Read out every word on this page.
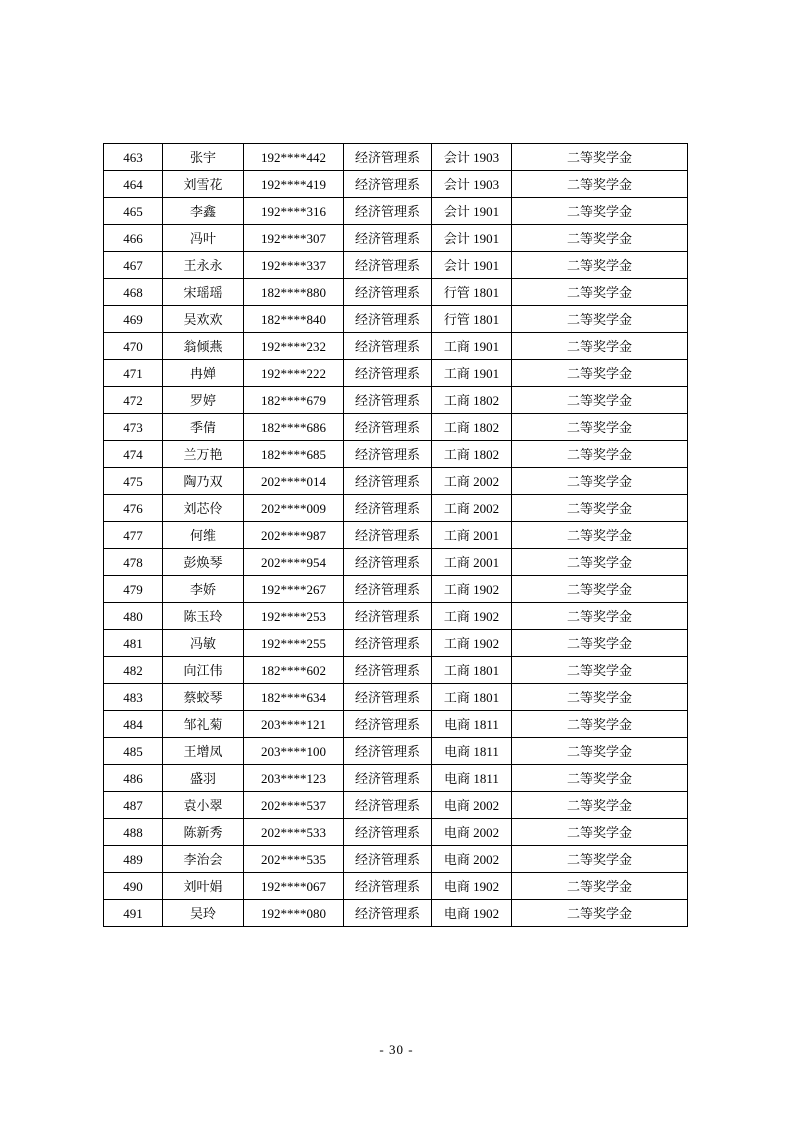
463	张宇	192****442	经济管理系	会计 1903	二等奖学金
464	刘雪花	192****419	经济管理系	会计 1903	二等奖学金
465	李鑫	192****316	经济管理系	会计 1901	二等奖学金
466	冯叶	192****307	经济管理系	会计 1901	二等奖学金
467	王永永	192****337	经济管理系	会计 1901	二等奖学金
468	宋瑶瑶	182****880	经济管理系	行管 1801	二等奖学金
469	吴欢欢	182****840	经济管理系	行管 1801	二等奖学金
470	翁倾燕	192****232	经济管理系	工商 1901	二等奖学金
471	冉婵	192****222	经济管理系	工商 1901	二等奖学金
472	罗婷	182****679	经济管理系	工商 1802	二等奖学金
473	季倩	182****686	经济管理系	工商 1802	二等奖学金
474	兰万艳	182****685	经济管理系	工商 1802	二等奖学金
475	陶乃双	202****014	经济管理系	工商 2002	二等奖学金
476	刘芯伶	202****009	经济管理系	工商 2002	二等奖学金
477	何维	202****987	经济管理系	工商 2001	二等奖学金
478	彭焕琴	202****954	经济管理系	工商 2001	二等奖学金
479	李娇	192****267	经济管理系	工商 1902	二等奖学金
480	陈玉玲	192****253	经济管理系	工商 1902	二等奖学金
481	冯敏	192****255	经济管理系	工商 1902	二等奖学金
482	向江伟	182****602	经济管理系	工商 1801	二等奖学金
483	蔡蛟琴	182****634	经济管理系	工商 1801	二等奖学金
484	邹礼菊	203****121	经济管理系	电商 1811	二等奖学金
485	王增凤	203****100	经济管理系	电商 1811	二等奖学金
486	盛羽	203****123	经济管理系	电商 1811	二等奖学金
487	袁小翠	202****537	经济管理系	电商 2002	二等奖学金
488	陈新秀	202****533	经济管理系	电商 2002	二等奖学金
489	李治会	202****535	经济管理系	电商 2002	二等奖学金
490	刘叶娟	192****067	经济管理系	电商 1902	二等奖学金
491	吴玲	192****080	经济管理系	电商 1902	二等奖学金
- 30 -
